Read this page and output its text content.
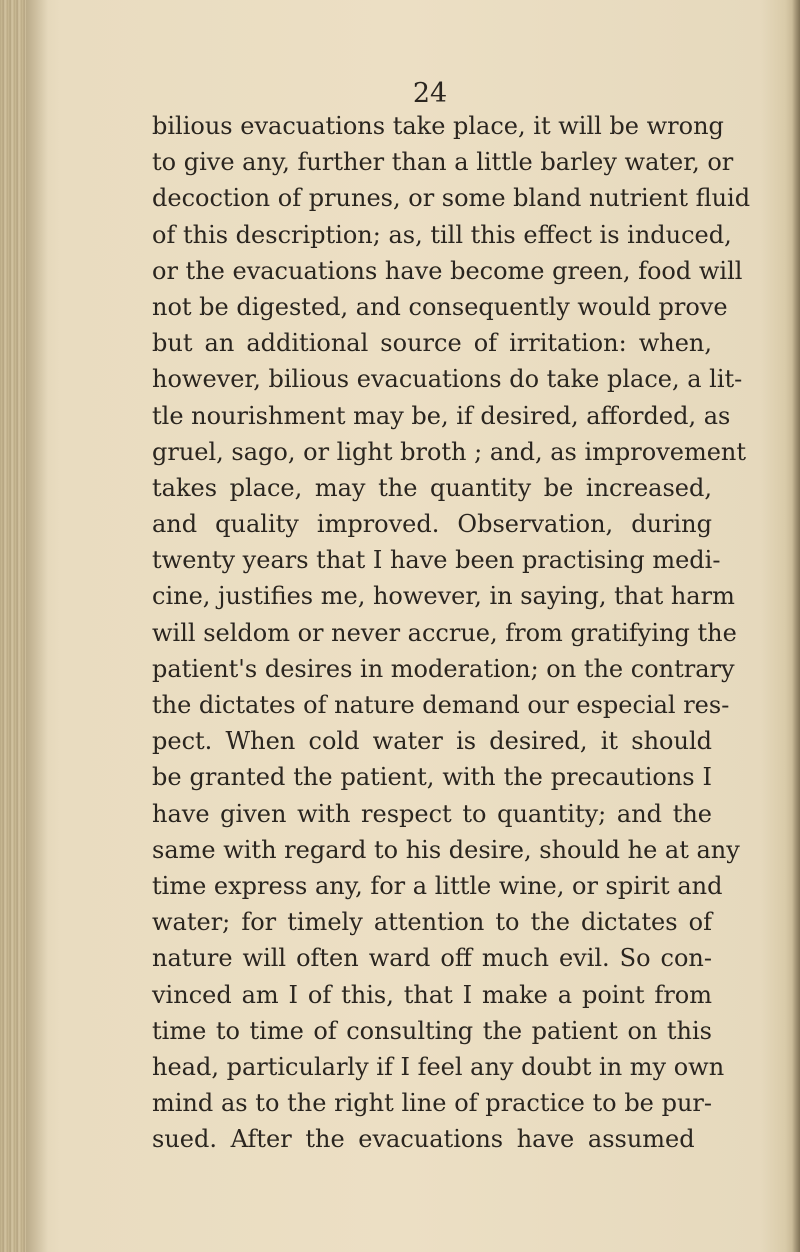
24
bilious evacuations take place, it will be wrong
to give any, further than a little barley water, or
decoction of prunes, or some bland nutrient fluid
of this description; as, till this effect is induced,
or the evacuations have become green, food will
not be digested, and consequently would prove
but an additional source of irritation: when,
however, bilious evacuations do take place, a lit-
tle nourishment may be, if desired, afforded, as
gruel, sago, or light broth ; and, as improvement
takes place, may the quantity be increased,
and quality improved. Observation, during
twenty years that I have been practising medi-
cine, justifies me, however, in saying, that harm
will seldom or never accrue, from gratifying the
patient's desires in moderation; on the contrary
the dictates of nature demand our especial res-
pect. When cold water is desired, it should
be granted the patient, with the precautions I
have given with respect to quantity; and the
same with regard to his desire, should he at any
time express any, for a little wine, or spirit and
water; for timely attention to the dictates of
nature will often ward off much evil. So con-
vinced am I of this, that I make a point from
time to time of consulting the patient on this
head, particularly if I feel any doubt in my own
mind as to the right line of practice to be pur-
sued. After the evacuations have assumed
